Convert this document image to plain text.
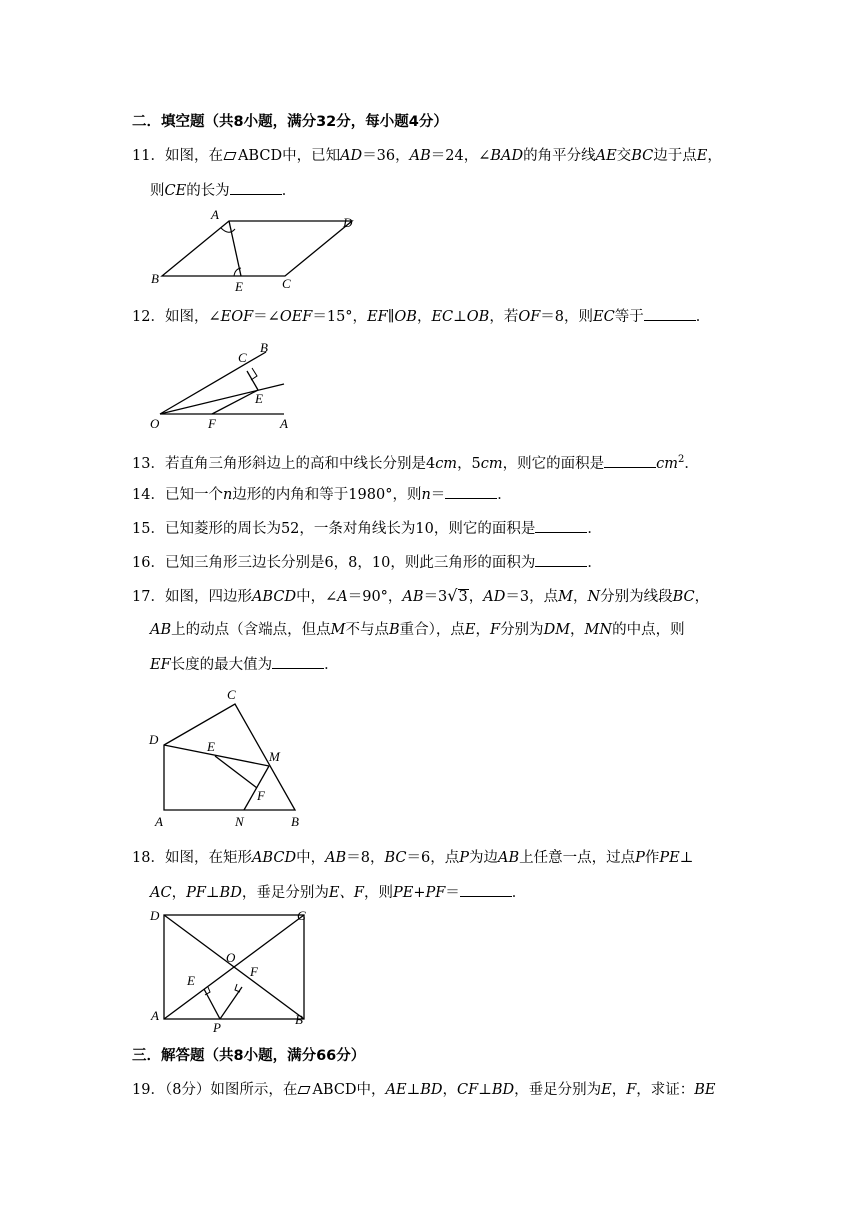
二．填空题（共8小题，满分32分，每小题4分）
11．如图，在 ABCD中，已知AD＝36，AB＝24，∠BAD的角平分线AE交BC边于点E，
则CE的长为	．
A
D
B
E	C
12．如图，∠EOF＝∠OEF＝15°，EF∥OB，EC⊥OB，若OF＝8，则EC等于	．
C
B
E
O	F	A
13．若直角三角形斜边上的高和中线长分别是4cm，5cm，则它的面积是	$cm^2$．
14．已知一个n边形的内角和等于1980°，则n＝	．
15．已知菱形的周长为52，一条对角线长为10，则它的面积是	．
16．已知三角形三边长分别是6，8，10，则此三角形的面积为	．
17．如图，四边形ABCD中，∠A＝90°，AB＝3√3，AD＝3，点M，N分别为线段BC，
AB上的动点（含端点，但点M不与点B重合），点E，F分别为DM，MN的中点，则
EF长度的最大值为	．
C
D	E
M
F
A	N	B
18．如图，在矩形ABCD中，AB＝8，BC＝6，点P为边AB上任意一点，过点P作PE⊥
AC，PF⊥BD，垂足分别为E、F，则PE+PF＝	．
D	C
O
E
F
A
P
B
三．解答题（共8小题，满分66分）
19．（8分）如图所示，在 ABCD中，AE⊥BD，CF⊥BD，垂足分别为E，F，求证：BE
